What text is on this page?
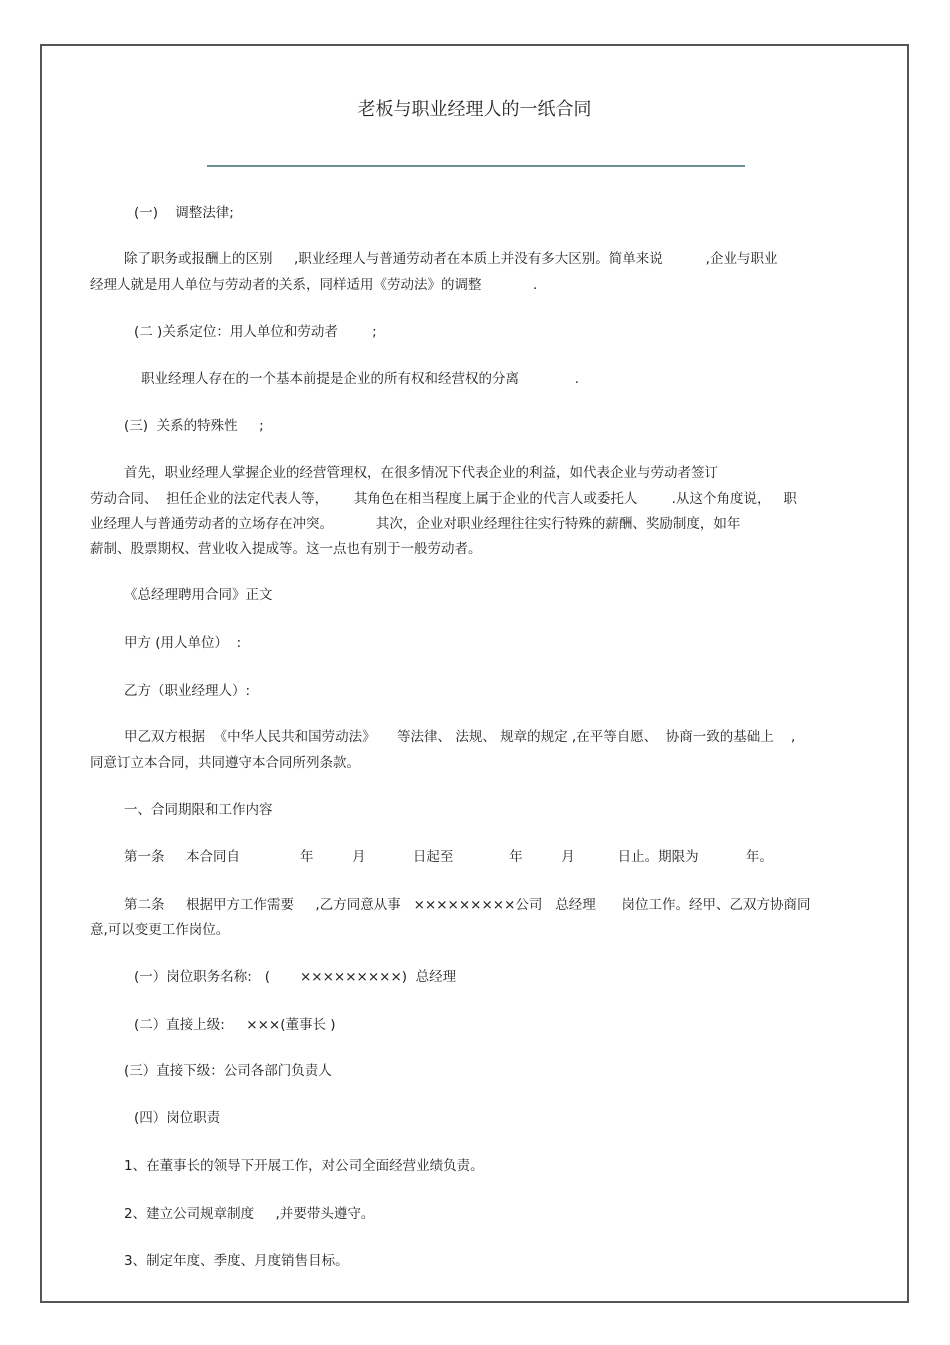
老板与职业经理人的一纸合同

(一)    调整法律;

除了职务或报酬上的区别     ,职业经理人与普通劳动者在本质上并没有多大区别。简单来说          ,企业与职业

经理人就是用人单位与劳动者的关系，同样适用《劳动法》的调整            .

(二 )关系定位：用人单位和劳动者        ;

职业经理人存在的一个基本前提是企业的所有权和经营权的分离             .

(三)  关系的特殊性     ;

首先，职业经理人掌握企业的经营管理权，在很多情况下代表企业的利益，如代表企业与劳动者签订

劳动合同、  担任企业的法定代表人等，      其角色在相当程度上属于企业的代言人或委托人        .从这个角度说，   职

业经理人与普通劳动者的立场存在冲突。          其次，企业对职业经理往往实行特殊的薪酬、奖励制度，如年

薪制、股票期权、营业收入提成等。这一点也有别于一般劳动者。

《总经理聘用合同》正文

甲方 (用人单位）  :

乙方（职业经理人）:

甲乙双方根据  《中华人民共和国劳动法》     等法律、 法规、 规章的规定 ,在平等自愿、  协商一致的基础上    ,

同意订立本合同，共同遵守本合同所列条款。

一、合同期限和工作内容

第一条     本合同自              年         月           日起至             年         月          日止。期限为           年。

第二条     根据甲方工作需要     ,乙方同意从事   ×××××××××公司   总经理      岗位工作。经甲、乙双方协商同

意,可以变更工作岗位。

(一）岗位职务名称:   (       ×××××××××)  总经理

(二）直接上级:     ×××(董事长 )

(三）直接下级：公司各部门负责人

(四）岗位职责

1、在董事长的领导下开展工作，对公司全面经营业绩负责。

2、建立公司规章制度     ,并要带头遵守。

3、制定年度、季度、月度销售目标。
